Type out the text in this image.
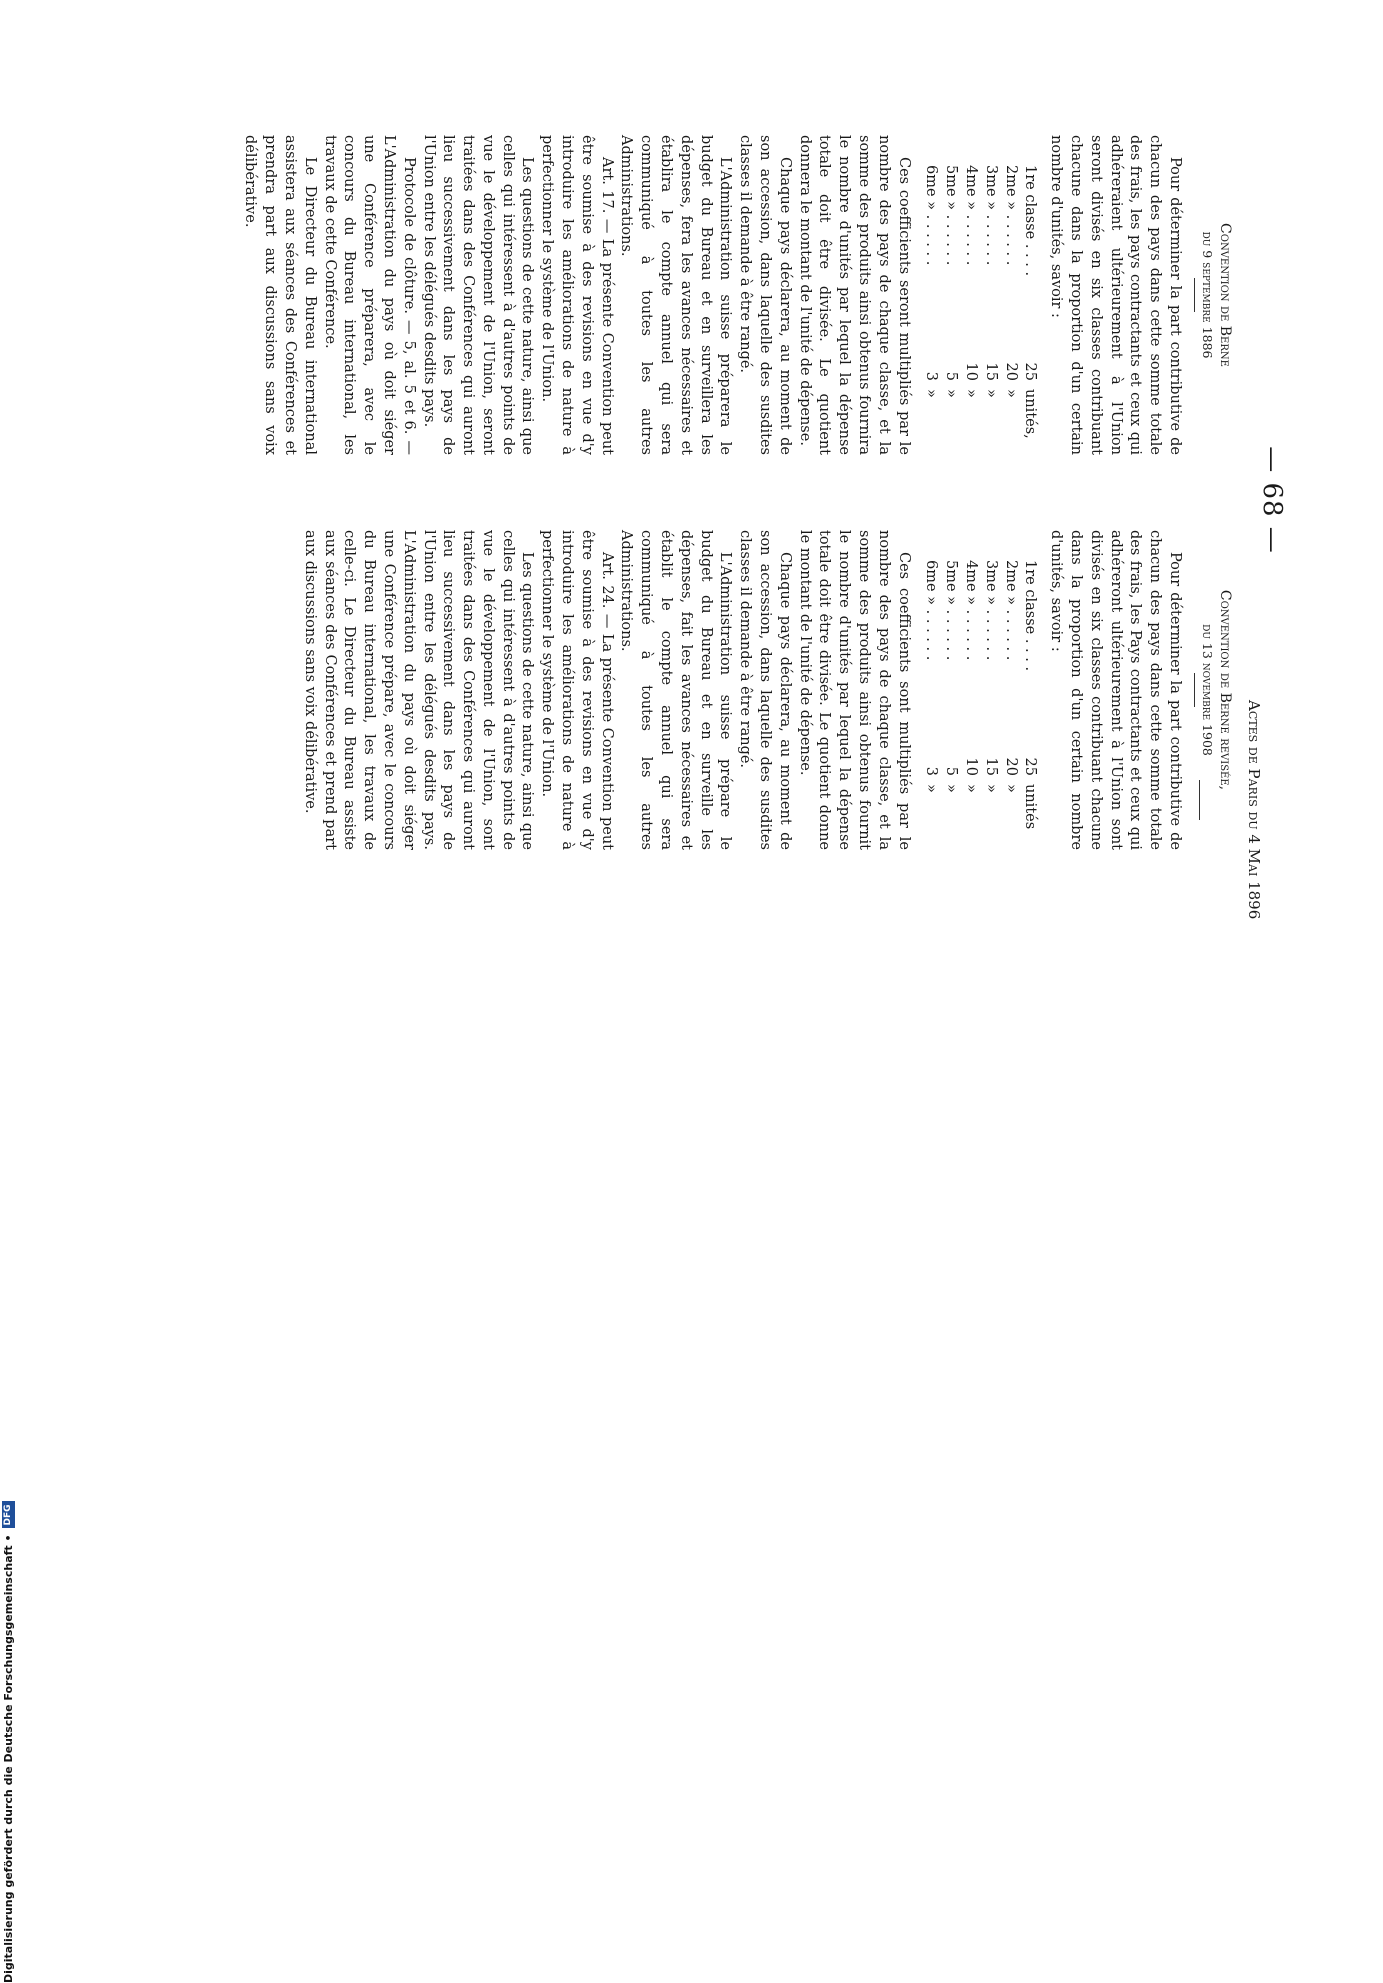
— 68 —
Actes de Paris du 4 Mai 1896
Convention de Berne
du 9 septembre 1886

Pour déterminer la part contributive de chacun des pays dans cette somme totale des frais, les pays contractants et ceux qui adhéreraient ultérieurement à l'Union seront divisés en six classes contribuant chacune dans la proportion d'un certain nombre d'unités, savoir :

1re classe . . . .
25
unités,
2me » . . . . . .
20
»
3me » . . . . . .
15
»
4me » . . . . . .
10
»
5me » . . . . . .
5
»
6me » . . . . . .
3
»

Ces coefficients seront multipliés par le nombre des pays de chaque classe, et la somme des produits ainsi obtenus fournira le nombre d'unités par lequel la dépense totale doit être divisée. Le quotient donnera le montant de l'unité de dépense.

Chaque pays déclarera, au moment de son accession, dans laquelle des susdites classes il demande à être rangé.

L'Administration suisse préparera le budget du Bureau et en surveillera les dépenses, fera les avances nécessaires et établira le compte annuel qui sera communiqué à toutes les autres Administrations.

Art. 17. — La présente Convention peut être soumise à des revisions en vue d'y introduire les améliorations de nature à perfectionner le système de l'Union.

Les questions de cette nature, ainsi que celles qui intéressent à d'autres points de vue le développement de l'Union, seront traitées dans des Conférences qui auront lieu successivement dans les pays de l'Union entre les délégués desdits pays.

Protocole de clôture. — 5, al. 5 et 6. — L'Administration du pays où doit siéger une Conférence préparera, avec le concours du Bureau international, les travaux de cette Conférence.

Le Directeur du Bureau international assistera aux séances des Conférences et prendra part aux discussions sans voix délibérative.

Convention de Berne revisée,
du 13 novembre 1908

Pour déterminer la part contributive de chacun des pays dans cette somme totale des frais, les Pays contractants et ceux qui adhéreront ultérieurement à l'Union sont divisés en six classes contribuant chacune dans la proportion d'un certain nombre d'unités, savoir :

1re classe . . . .
25
unités
2me » . . . . . .
20
»
3me » . . . . . .
15
»
4me » . . . . . .
10
»
5me » . . . . . .
5
»
6me » . . . . . .
3
»

Ces coefficients sont multipliés par le nombre des pays de chaque classe, et la somme des produits ainsi obtenus fournit le nombre d'unités par lequel la dépense totale doit être divisée. Le quotient donne le montant de l'unité de dépense.

Chaque pays déclarera, au moment de son accession, dans laquelle des susdites classes il demande à être rangé.

L'Administration suisse prépare le budget du Bureau et en surveille les dépenses, fait les avances nécessaires et établit le compte annuel qui sera communiqué à toutes les autres Administrations.

Art. 24. — La présente Convention peut être soumise à des revisions en vue d'y introduire les améliorations de nature à perfectionner le système de l'Union.

Les questions de cette nature, ainsi que celles qui intéressent à d'autres points de vue le développement de l'Union, sont traitées dans des Conférences qui auront lieu successivement dans les pays de l'Union entre les délégués desdits pays. L'Administration du pays où doit siéger une Conférence prépare, avec le concours du Bureau international, les travaux de celle-ci. Le Directeur du Bureau assiste aux séances des Conférences et prend part aux discussions sans voix délibérative.

Digitalisierung gefördert durch die Deutsche Forschungsgemeinschaft •
DFG
